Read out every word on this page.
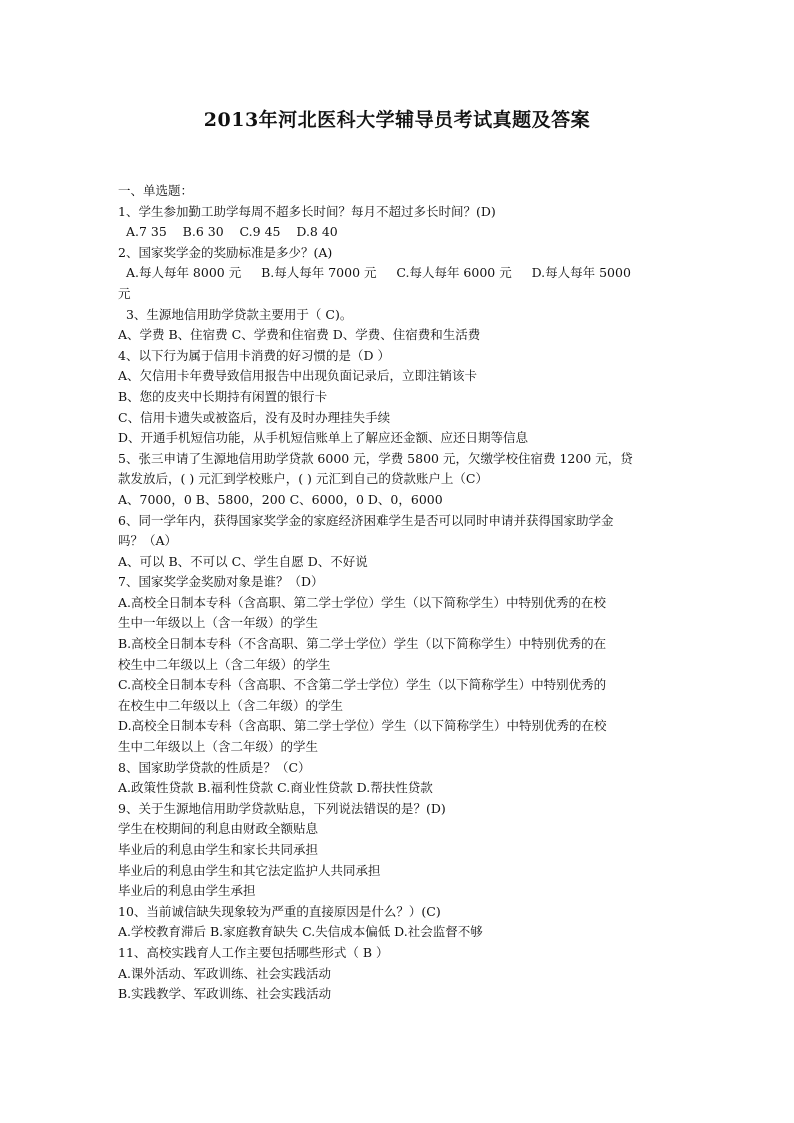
2013年河北医科大学辅导员考试真题及答案
一、单选题：
1、学生参加勤工助学每周不超多长时间？每月不超过多长时间？(D)
A.7 35    B.6 30    C.9 45    D.8 40
2、国家奖学金的奖励标准是多少？(A)
A.每人每年 8000 元     B.每人每年 7000 元     C.每人每年 6000 元     D.每人每年 5000
元
3、生源地信用助学贷款主要用于（ C)。
A、学费 B、住宿费 C、学费和住宿费 D、学费、住宿费和生活费
4、以下行为属于信用卡消费的好习惯的是（D ）
A、欠信用卡年费导致信用报告中出现负面记录后，立即注销该卡
B、您的皮夹中长期持有闲置的银行卡
C、信用卡遗失或被盗后，没有及时办理挂失手续
D、开通手机短信功能，从手机短信账单上了解应还金额、应还日期等信息
5、张三申请了生源地信用助学贷款 6000 元，学费 5800 元，欠缴学校住宿费 1200 元，贷
款发放后，( ) 元汇到学校账户，( ) 元汇到自己的贷款账户上（C）
A、7000，0 B、5800，200 C、6000，0 D、0，6000
6、同一学年内，获得国家奖学金的家庭经济困难学生是否可以同时申请并获得国家助学金
吗？（A）
A、可以 B、不可以 C、学生自愿 D、不好说
7、国家奖学金奖励对象是谁？（D）
A.高校全日制本专科（含高职、第二学士学位）学生（以下简称学生）中特别优秀的在校
生中一年级以上（含一年级）的学生
B.高校全日制本专科（不含高职、第二学士学位）学生（以下简称学生）中特别优秀的在
校生中二年级以上（含二年级）的学生
C.高校全日制本专科（含高职、不含第二学士学位）学生（以下简称学生）中特别优秀的
在校生中二年级以上（含二年级）的学生
D.高校全日制本专科（含高职、第二学士学位）学生（以下简称学生）中特别优秀的在校
生中二年级以上（含二年级）的学生
8、国家助学贷款的性质是？（C）
A.政策性贷款 B.福利性贷款 C.商业性贷款 D.帮扶性贷款
9、关于生源地信用助学贷款贴息，下列说法错误的是？(D)
学生在校期间的利息由财政全额贴息
毕业后的利息由学生和家长共同承担
毕业后的利息由学生和其它法定监护人共同承担
毕业后的利息由学生承担
10、当前诚信缺失现象较为严重的直接原因是什么？）(C)
A.学校教育滞后 B.家庭教育缺失 C.失信成本偏低 D.社会监督不够
11、高校实践育人工作主要包括哪些形式（ B ）
A.课外活动、军政训练、社会实践活动
B.实践教学、军政训练、社会实践活动
